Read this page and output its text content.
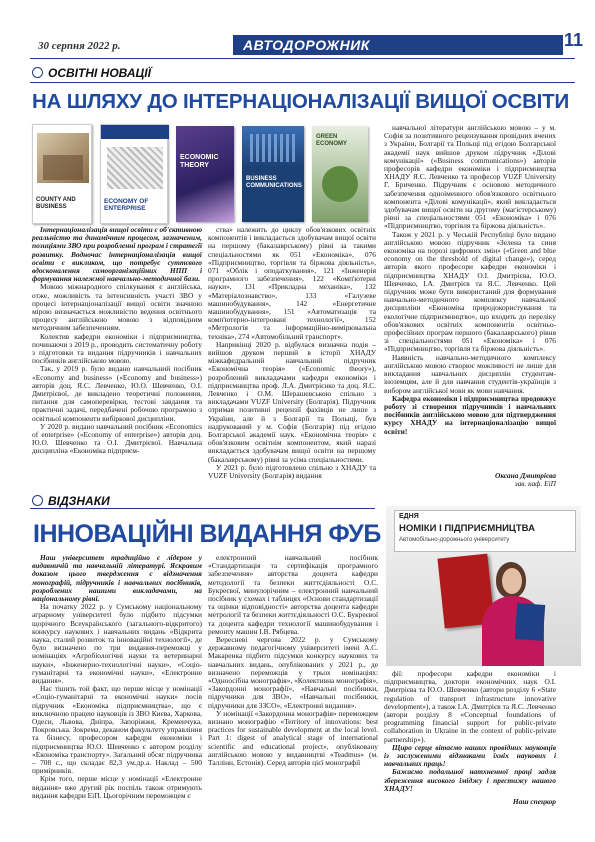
30 серпня 2022 р.	АВТОДОРОЖНИК	11
ОСВІТНІ НОВАЦІЇ
НА ШЛЯХУ ДО ІНТЕРНАЦІОНАЛІЗАЦІЇ ВИЩОЇ ОСВІТИ
COUNTY AND BUSINESS
ECONOMY OF ENTERPRISE
ECONOMIC THEORY
BUSINESS COMMUNICATIONS
GREEN ECONOMY

Інтернаціоналізація вищої освіти є об'єктивною реальністю та динамічним процесом, зазначеним, позиціями ЗВО при розробленні програм і стратегії розвитку. Водночас інтернаціоналізація вищої освіти є викликом, що потребує суттєвого вдосконалення самоорганізаційних НПП і формування належної навчально-методичної бази.

Мовою міжнародного спілкування є англійська, отже, можливість та інтенсивність участі ЗВО у процесі інтернаціоналізації вищої освіти значною мірою визначається можливістю ведення освітнього процесу англійською мовою з відповідним методичним забезпеченням.

Колектив кафедри економіки і підприємництва, починаючи з 2019 р., проводить систематичну роботу з підготовки та видання підручників і навчальних посібників англійською мовою.

Так, у 2019 р. було видано навчальний посібник «Economy and business» («Economy and business») авторів доц. Я.С. Левченко, Ю.О. Шевченко, О.І. Дмитрієвої, де викладено теоретичні положення, питання для самоперевірки, тестові завдання та практичні задачі, передбачені робочою програмою з освітньої компоненти вибіркової дисципліни.

У 2020 р. видано навчальний посібник «Economics of enterprise» («Economy of enterprise») авторів доц. Ю.О. Шевченко та О.І. Дмитрієвої. Навчальна дисципліна «Економіка підприєм-

ства» належить до циклу обов'язкових освітніх компонентів і викладається здобувачам вищої освіти на першому (бакалаврському) рівні за такими спеціальностями як 051 «Економіка», 076 «Підприємництво, торгівля та біржова діяльність», 071 «Облік і оподаткування», 121 «Інженерія програмного забезпечення», 122 «Комп'ютерні науки», 131 «Прикладна механіка», 132 «Матеріалознавство», 133 «Галузеве машинобудування», 142 «Енергетичне машинобудування», 151 «Автоматизація та комп'ютерно-інтегровані технології», 152 «Метрологія та інформаційно-вимірювальна техніка», 274 «Автомобільний транспорт».

Наприкінці 2020 р. відбулася визначна подія – вийшов друком перший в історії ХНАДУ міжкафедральний навчальний підручник «Економічна теорія» («Economic theory»), розроблений викладачами кафедри економіки і підприємництва проф. Л.А. Дмитрієнко та доц. Я.С. Левченко і О.М. Шерашевською спільно з викладачами VUZF University (Болгарія). Підручник отримав позитивні рецензії фахівців не лише з України, але й з Болгарії та Польщі, був надрукований у м. Софія (Болгарія) під егідою Болгарської академії наук. «Економічна теорія» є обов'язковим освітнім компонентом, який наразі викладається здобувачам вищої освіти на першому (бакалаврському) рівні за усіма спеціальностями.

У 2021 р. було підготовлено спільно з ХНАДУ та VUZF University (Болгарія) видання

навчальної літератури англійською мовою – у м. Софія за позитивного рецензування провідних вчених з України, Болгарії та Польщі під егідою Болгарської академії наук вийшов друком підручник «Ділові комунікації» («Business communications») авторів професорів кафедри економіки і підприємництва ХНАДУ Я.С. Левченко та професор VUZF University Г. Бриченко. Підручник є основою методичного забезпечення одноіменного обов'язкового освітнього компонента «Ділові комунікації», який викладається здобувачам вищої освіти на другому (магістерському) рівні за спеціальностями 051 «Економіка» і 076 «Підприємництво, торгівля та біржова діяльність».

Також у 2021 р. у Чеській Республіці було видано англійською мовою підручник «Зелена та синя економіка на порозі цифрових змін» («Green and blue economy on the threshold of digital change»), серед авторів якого професори кафедри економіки і підприємництва ХНАДУ О.І. Дмитрієва, Ю.О. Шевченко, І.А. Дмитрієв та Я.С. Левченко. Цей підручник може бути використаний для формування навчально-методичного комплексу навчальної дисципліни «Економіка природокористування та екологічне підприємництво», що входить до переліку обов'язкових освітніх компонентів освітньо-професійних програм першого (бакалаврського) рівня зі спеціальностями 051 «Економіка» і 076 «Підприємництво, торгівля та біржова діяльність».

Наявність навчально-методичного комплексу англійською мовою створює можливості не лише для викладання навчальних дисциплін студентам-іноземцям, але й для навчання студентів-українців з вибором англійської мови як мови навчання.

Кафедра економіки і підприємництва продовжує роботу зі створення підручників і навчальних посібників англійською мовою для підтвердження курсу ХНАДУ на інтернаціоналізацію вищої освіти!

Оксана Дмитрієва

зав. каф. ЕіП

ВІДЗНАКИ
ІННОВАЦІЙНІ ВИДАННЯ ФУБ
ЕДНЯ
НОМІКИ І ПІДПРИЄМНИЦТВА
Автомобільно-дорожнього університету

Наш університет традиційно є лідером у видавничій та навчальній літературі. Яскравим доказом цього твердження є відзначення монографій, підручників і навчальних посібників, розроблених нашими викладачами, на національному рівні.

На початку 2022 р. у Сумському національному аграрному університеті було підбито підсумки щорічного Всеукраїнського (загального-відкритого) конкурсу наукових і навчальних видань «Відкрита наука, сталий розвиток та інноваційні технології», де було визначено по три видання-переможці у номінаціях «Агробіологічні науки та ветеринарні науки», «Інженерно-технологічні науки», «Соціо-гуманітарні та економічні науки», «Електронне видання».

Нас тішить той факт, що перше місце у номінації «Соціо-гуманітарні та економічні науки» посів підручник «Економіка підприємництва», що є виключною працею науковців із ЗВО Києва, Харкова, Одеси, Львова, Дніпра, Запоріжжя, Кременчука, Покровська. Зокрема, деканом факультету управління та бізнесу, професором кафедри економіки і підприємництва Ю.О. Шевченко є автором розділу «Економіка транспорту». Загальний обсяг підручника – 708 с., що складає 82,3 ум.др.а. Наклад – 500 примірників.

Крім того, перше місце у номінації «Електронне видання» вже другий рік поспіль також отримують видання кафедри ЕіП. Цьогорічним переможцем є

електронний навчальний посібник «Стандартизація та сертифікація програмного забезпечення» авторства доцента кафедри методології та безпеки життєдіяльності О.С. Букреєвої, минулорічним – електронний навчальний посібник у схемах і таблицях «Основи стандартизації та оцінки відповідності» авторства доцента кафедри метрології та безпеки життєдіяльності О.С. Букреєвої та доцента кафедри технології машинобудування і ремонту машин І.В. Рябцева.

Вересневі чергова 2022 р. у Сумському державному педагогічному університеті імені А.С. Макаренка підбито підсумки конкурсу наукових та навчальних видань, опублікованих у 2021 р., де визначено переможців у трьох номінаціях: «Одноосібна монографія», «Колективна монографія», «Закордонні монографії», «Навчальні посібники, підручники для ЗВО», «Навчальні посібники, підручники для ЗЗСО», «Електронні видання».

У номінації «Закордонна монографія» переможцем визнано монографію «Territory of innovations: best practices for sustainable development at the local level. Part 1: digest of analytical stage of international scientific and educational project», опубліковану англійською мовою у видавництві «Teadmus» (м. Таллінн, Естонія). Серед авторів цієї монографії

фії: професори кафедри економіки і підприємництва, доктори економічних наук О.І. Дмитрієва та Ю.О. Шевченко (автори розділу 6 «State regulation of transport infrastructure innovative development»), а також І.А. Дмитрієв та Я.С. Левченко (автори розділу 8 «Conceptual foundations of programming financial support for public-private collaboration in Ukraine in the context of public-private partnership»).

Щиро серце вітаємо наших провідних науковців із заслуженими відзнаками їхніх наукових і навчальних праць!

Бажаємо подальшої натхненної праці задля збереження високого іміджу і престижу нашого ХНАДУ!

Наш спецкор
